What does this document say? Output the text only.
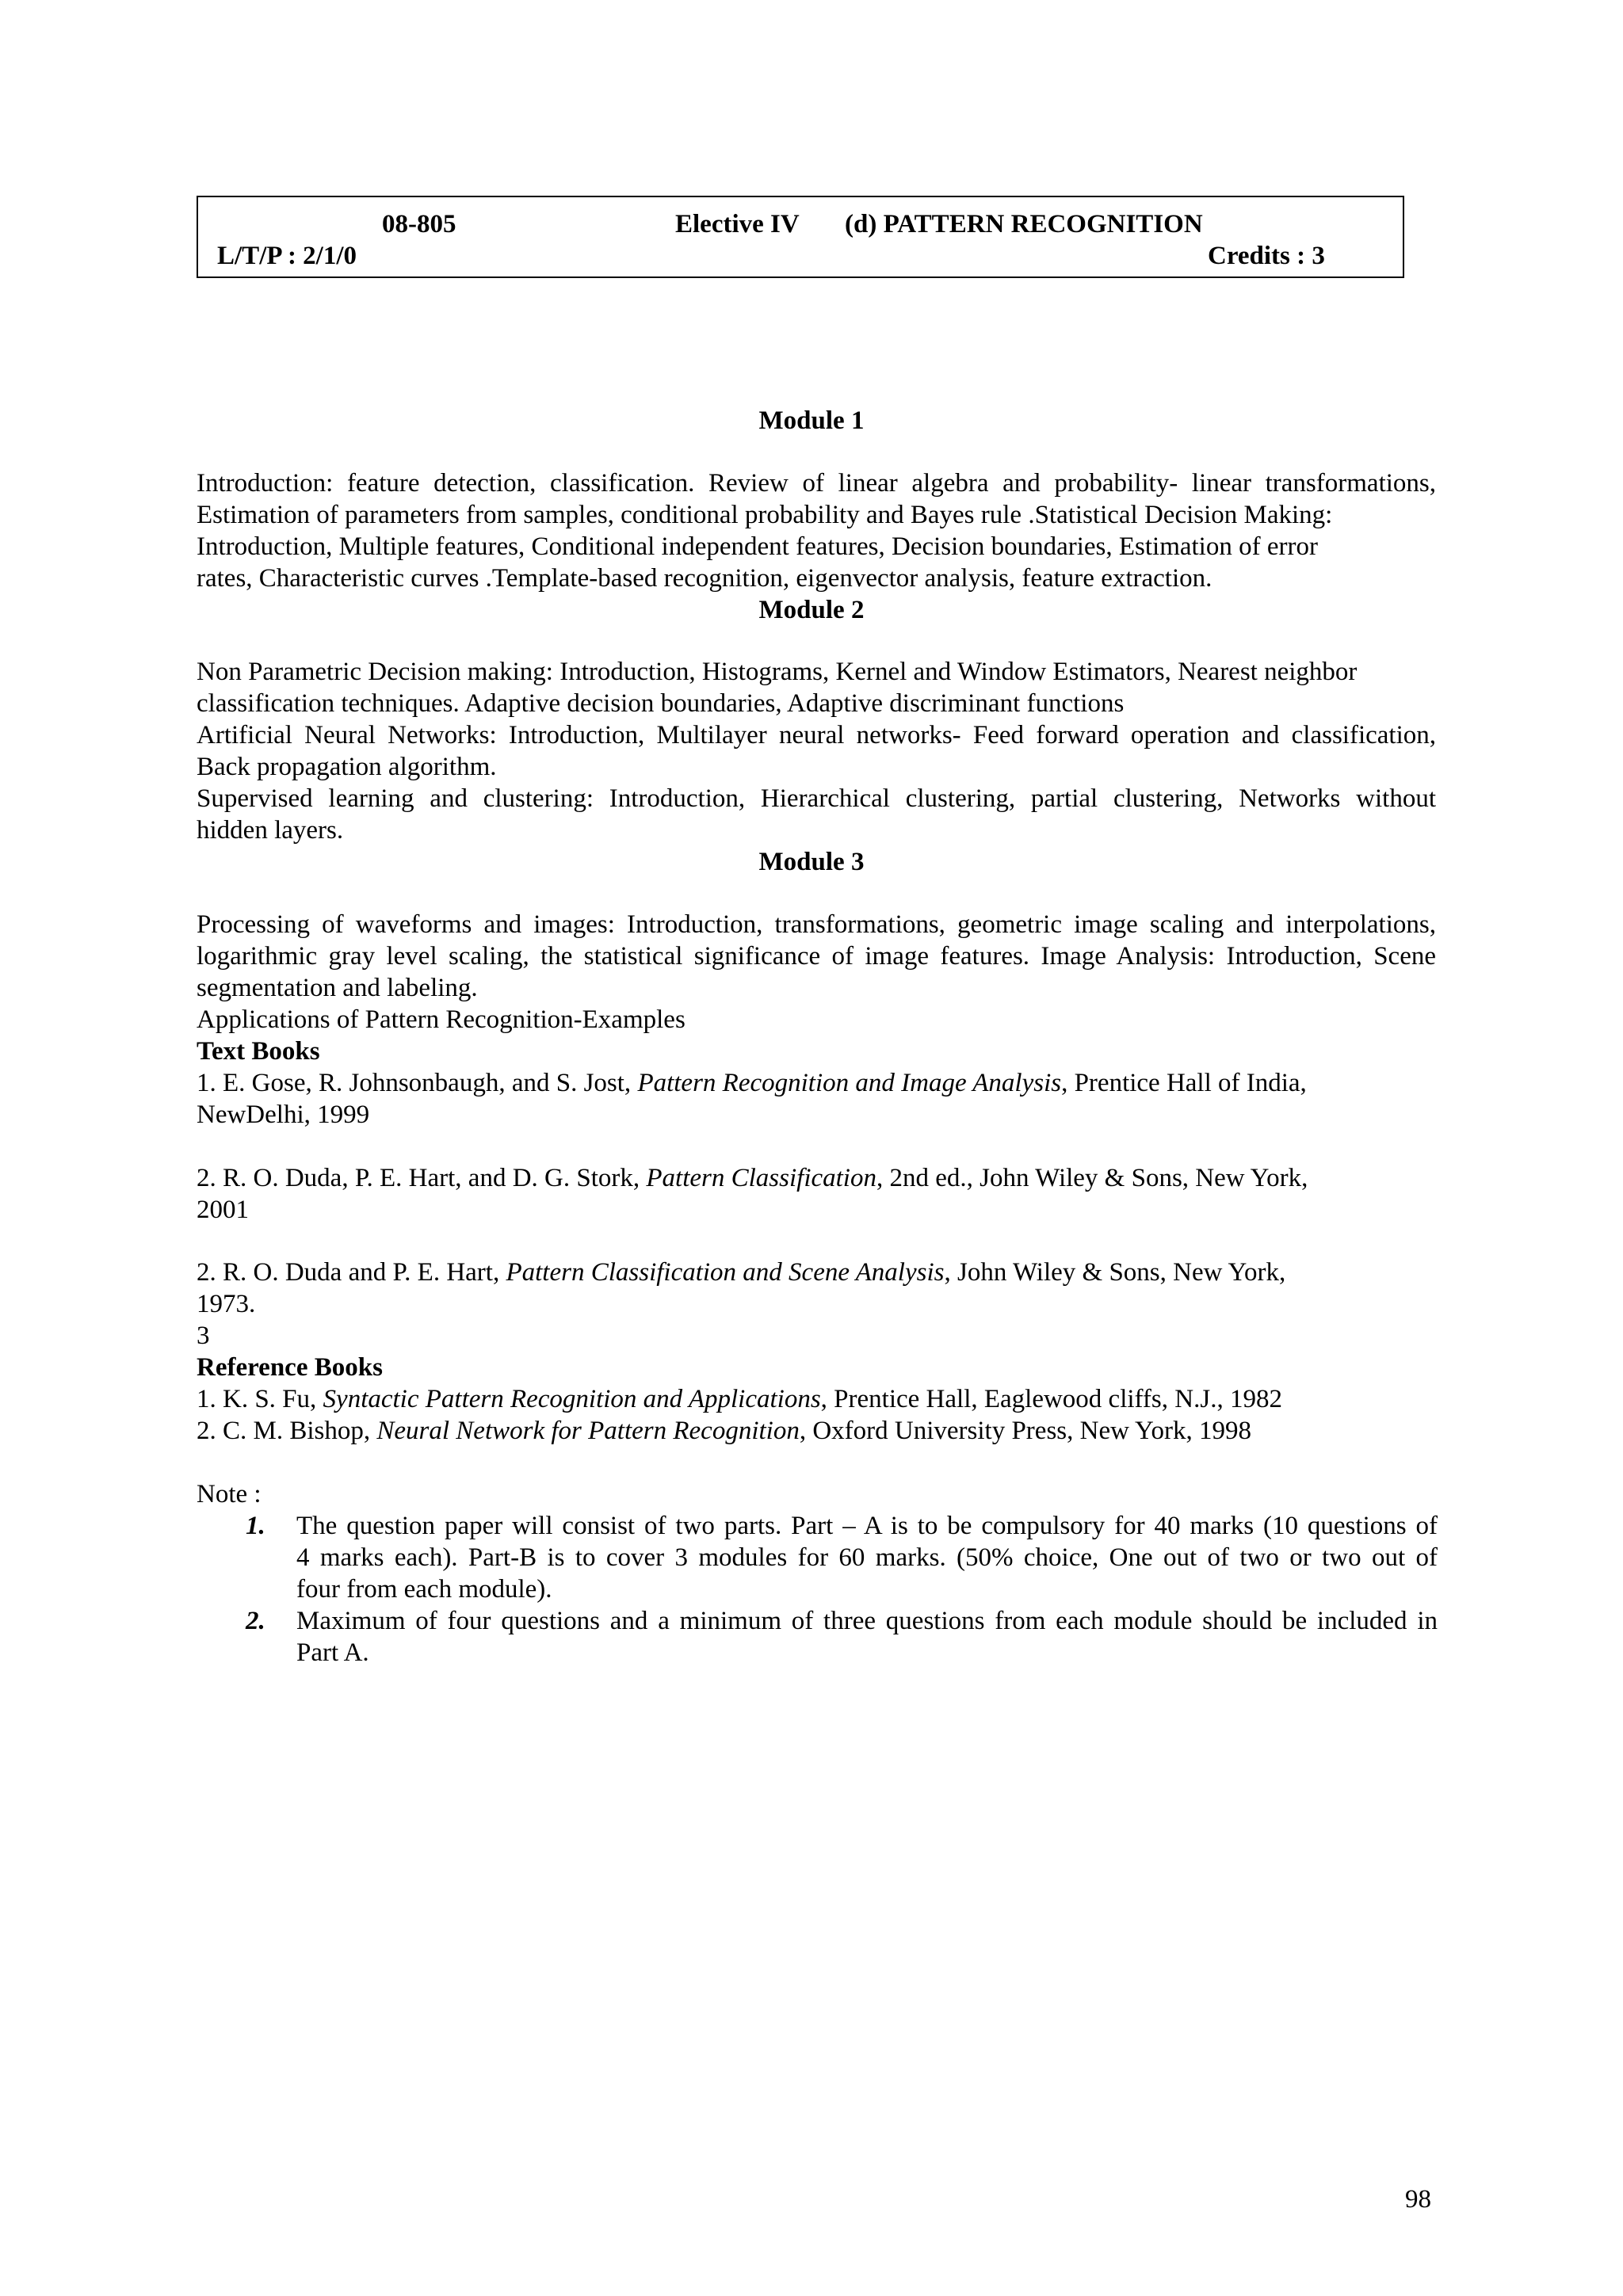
08-805	Elective IV (d) PATTERN RECOGNITION
L/T/P : 2/1/0	Credits : 3
Module 1
Introduction: feature detection, classification. Review of linear algebra and probability- linear transformations,
Estimation of parameters from samples, conditional probability and Bayes rule .Statistical Decision Making:
Introduction, Multiple features, Conditional independent features, Decision boundaries, Estimation of error
rates, Characteristic curves .Template-based recognition, eigenvector analysis, feature extraction.
Module 2
Non Parametric Decision making: Introduction, Histograms, Kernel and Window Estimators, Nearest neighbor
classification techniques. Adaptive decision boundaries, Adaptive discriminant functions
Artificial Neural Networks: Introduction, Multilayer neural networks- Feed forward operation and classification,
Back propagation algorithm.
Supervised learning and clustering: Introduction, Hierarchical clustering, partial clustering, Networks without
hidden layers.
Module 3
Processing of waveforms and images: Introduction, transformations, geometric image scaling and interpolations,
logarithmic gray level scaling, the statistical significance of image features. Image Analysis: Introduction, Scene
segmentation and labeling.
Applications of Pattern Recognition-Examples
Text Books
1. E. Gose, R. Johnsonbaugh, and S. Jost, Pattern Recognition and Image Analysis, Prentice Hall of India,
NewDelhi, 1999
2. R. O. Duda, P. E. Hart, and D. G. Stork, Pattern Classification, 2nd ed., John Wiley & Sons, New York,
2001
2. R. O. Duda and P. E. Hart, Pattern Classification and Scene Analysis, John Wiley & Sons, New York,
1973.
3
Reference Books
1. K. S. Fu, Syntactic Pattern Recognition and Applications, Prentice Hall, Eaglewood cliffs, N.J., 1982
2. C. M. Bishop, Neural Network for Pattern Recognition, Oxford University Press, New York, 1998
Note :
1. The question paper will consist of two parts. Part – A is to be compulsory for 40 marks (10 questions of
4 marks each). Part-B is to cover 3 modules for 60 marks. (50% choice, One out of two or two out of
four from each module).
2. Maximum of four questions and a minimum of three questions from each module should be included in
Part A.
98
